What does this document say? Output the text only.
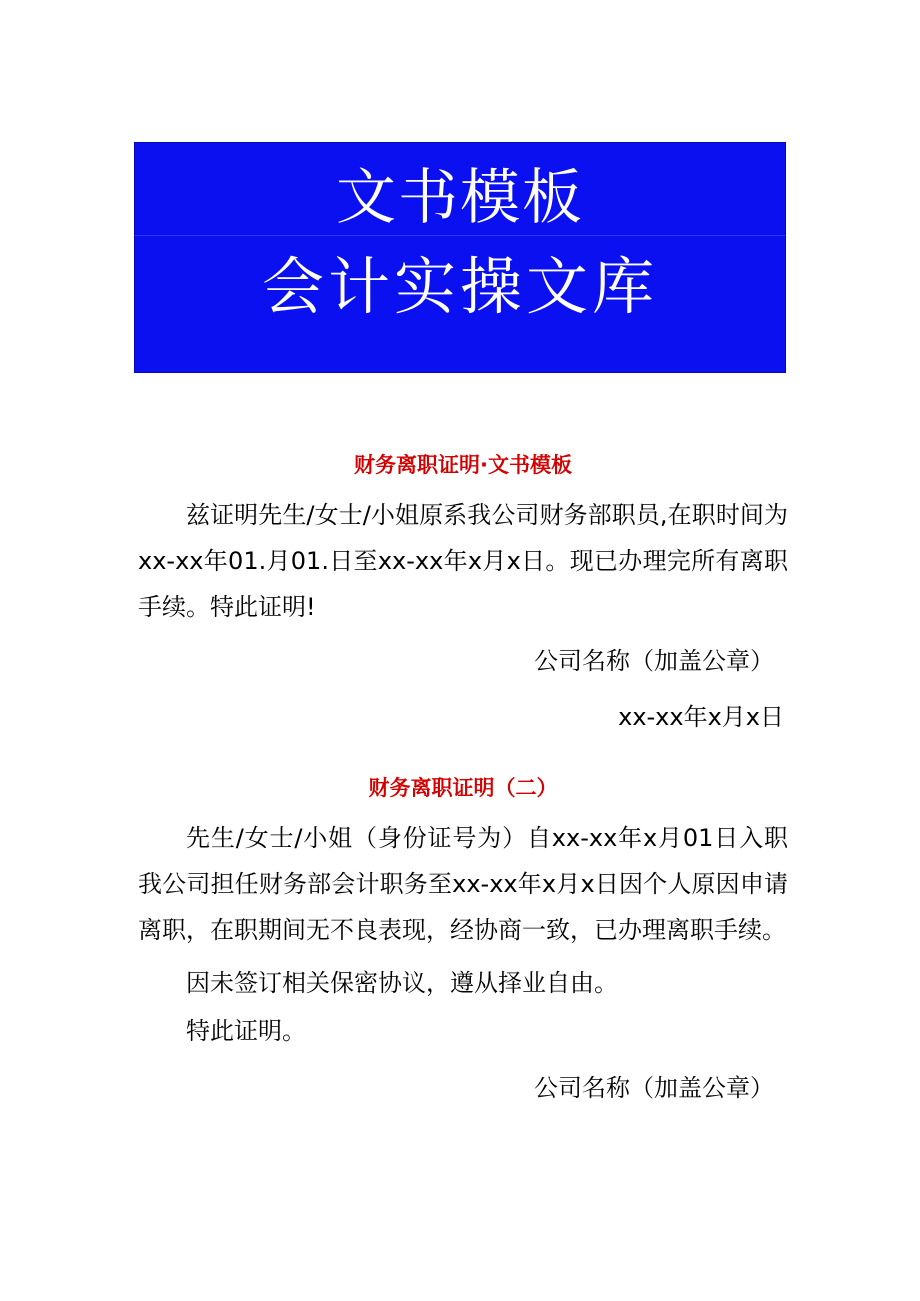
文书模板
会计实操文库
财务离职证明·文书模板
兹证明先生/女士/小姐原系我公司财务部职员,在职时间为xx-xx年01.月01.日至xx-xx年x月x日。现已办理完所有离职手续。特此证明!
公司名称（加盖公章）
xx-xx年x月x日
财务离职证明（二）
先生/女士/小姐（身份证号为）自xx-xx年x月01日入职我公司担任财务部会计职务至xx-xx年x月x日因个人原因申请离职，在职期间无不良表现，经协商一致，已办理离职手续。
因未签订相关保密协议，遵从择业自由。
特此证明。
公司名称（加盖公章）
